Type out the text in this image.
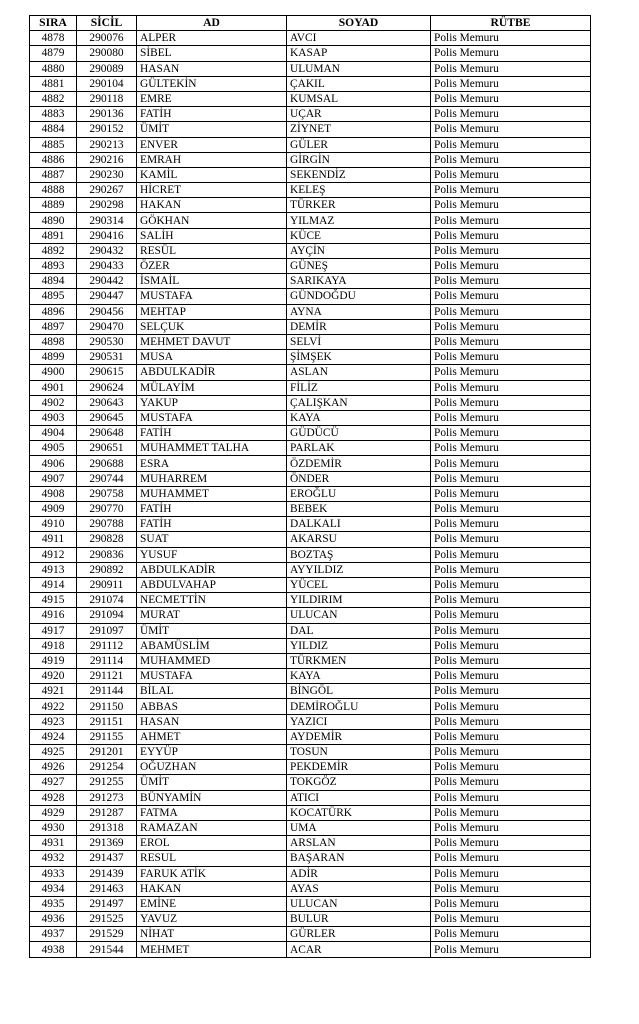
SIRA	SİCİL	AD	SOYAD	RÜTBE
4878	290076	ALPER	AVCI	Polis Memuru
4879	290080	SİBEL	KASAP	Polis Memuru
4880	290089	HASAN	ULUMAN	Polis Memuru
4881	290104	GÜLTEKİN	ÇAKIL	Polis Memuru
4882	290118	EMRE	KUMSAL	Polis Memuru
4883	290136	FATİH	UÇAR	Polis Memuru
4884	290152	ÜMİT	ZİYNET	Polis Memuru
4885	290213	ENVER	GÜLER	Polis Memuru
4886	290216	EMRAH	GİRGİN	Polis Memuru
4887	290230	KAMİL	SEKENDİZ	Polis Memuru
4888	290267	HİCRET	KELEŞ	Polis Memuru
4889	290298	HAKAN	TÜRKER	Polis Memuru
4890	290314	GÖKHAN	YILMAZ	Polis Memuru
4891	290416	SALİH	KÜCE	Polis Memuru
4892	290432	RESÜL	AYÇİN	Polis Memuru
4893	290433	ÖZER	GÜNEŞ	Polis Memuru
4894	290442	İSMAİL	SARIKAYA	Polis Memuru
4895	290447	MUSTAFA	GÜNDOĞDU	Polis Memuru
4896	290456	MEHTAP	AYNA	Polis Memuru
4897	290470	SELÇUK	DEMİR	Polis Memuru
4898	290530	MEHMET DAVUT	SELVİ	Polis Memuru
4899	290531	MUSA	ŞİMŞEK	Polis Memuru
4900	290615	ABDULKADİR	ASLAN	Polis Memuru
4901	290624	MÜLAYİM	FİLİZ	Polis Memuru
4902	290643	YAKUP	ÇALIŞKAN	Polis Memuru
4903	290645	MUSTAFA	KAYA	Polis Memuru
4904	290648	FATİH	GÜDÜCÜ	Polis Memuru
4905	290651	MUHAMMET TALHA	PARLAK	Polis Memuru
4906	290688	ESRA	ÖZDEMİR	Polis Memuru
4907	290744	MUHARREM	ÖNDER	Polis Memuru
4908	290758	MUHAMMET	EROĞLU	Polis Memuru
4909	290770	FATİH	BEBEK	Polis Memuru
4910	290788	FATİH	DALKALI	Polis Memuru
4911	290828	SUAT	AKARSU	Polis Memuru
4912	290836	YUSUF	BOZTAŞ	Polis Memuru
4913	290892	ABDULKADİR	AYYILDIZ	Polis Memuru
4914	290911	ABDULVAHAP	YÜCEL	Polis Memuru
4915	291074	NECMETTİN	YILDIRIM	Polis Memuru
4916	291094	MURAT	ULUCAN	Polis Memuru
4917	291097	ÜMİT	DAL	Polis Memuru
4918	291112	ABAMÜSLİM	YILDIZ	Polis Memuru
4919	291114	MUHAMMED	TÜRKMEN	Polis Memuru
4920	291121	MUSTAFA	KAYA	Polis Memuru
4921	291144	BİLAL	BİNGÖL	Polis Memuru
4922	291150	ABBAS	DEMİROĞLU	Polis Memuru
4923	291151	HASAN	YAZICI	Polis Memuru
4924	291155	AHMET	AYDEMİR	Polis Memuru
4925	291201	EYYÜP	TOSUN	Polis Memuru
4926	291254	OĞUZHAN	PEKDEMİR	Polis Memuru
4927	291255	ÜMİT	TOKGÖZ	Polis Memuru
4928	291273	BÜNYAMİN	ATICI	Polis Memuru
4929	291287	FATMA	KOCATÜRK	Polis Memuru
4930	291318	RAMAZAN	UMA	Polis Memuru
4931	291369	EROL	ARSLAN	Polis Memuru
4932	291437	RESUL	BAŞARAN	Polis Memuru
4933	291439	FARUK ATİK	ADİR	Polis Memuru
4934	291463	HAKAN	AYAS	Polis Memuru
4935	291497	EMİNE	ULUCAN	Polis Memuru
4936	291525	YAVUZ	BULUR	Polis Memuru
4937	291529	NİHAT	GÜRLER	Polis Memuru
4938	291544	MEHMET	ACAR	Polis Memuru
